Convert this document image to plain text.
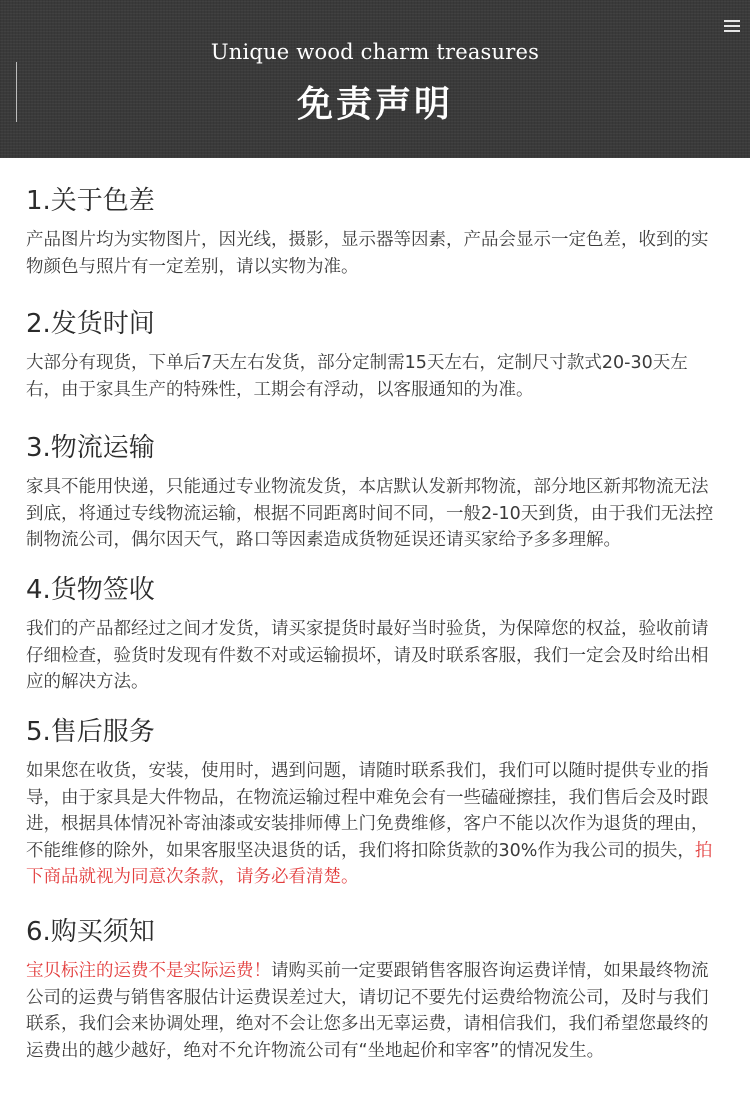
Unique wood charm treasures
免责声明
1.关于色差

产品图片均为实物图片，因光线，摄影，显示器等因素，产品会显示一定色差，收到的实物颜色与照片有一定差别，请以实物为准。

2.发货时间

大部分有现货，下单后7天左右发货，部分定制需15天左右，定制尺寸款式20-30天左右，由于家具生产的特殊性，工期会有浮动，以客服通知的为准。

3.物流运输

家具不能用快递，只能通过专业物流发货，本店默认发新邦物流，部分地区新邦物流无法到底，将通过专线物流运输，根据不同距离时间不同，一般2-10天到货，由于我们无法控制物流公司，偶尔因天气，路口等因素造成货物延误还请买家给予多多理解。

4.货物签收

我们的产品都经过之间才发货，请买家提货时最好当时验货，为保障您的权益，验收前请仔细检查，验货时发现有件数不对或运输损坏，请及时联系客服，我们一定会及时给出相应的解决方法。

5.售后服务

如果您在收货，安装，使用时，遇到问题，请随时联系我们，我们可以随时提供专业的指导，由于家具是大件物品，在物流运输过程中难免会有一些磕碰擦挂，我们售后会及时跟进，根据具体情况补寄油漆或安装排师傅上门免费维修，客户不能以次作为退货的理由，不能维修的除外，如果客服坚决退货的话，我们将扣除货款的30%作为我公司的损失，拍下商品就视为同意次条款，请务必看清楚。

6.购买须知

宝贝标注的运费不是实际运费！请购买前一定要跟销售客服咨询运费详情，如果最终物流公司的运费与销售客服估计运费误差过大，请切记不要先付运费给物流公司，及时与我们联系，我们会来协调处理，绝对不会让您多出无辜运费，请相信我们，我们希望您最终的运费出的越少越好，绝对不允许物流公司有“坐地起价和宰客”的情况发生。
